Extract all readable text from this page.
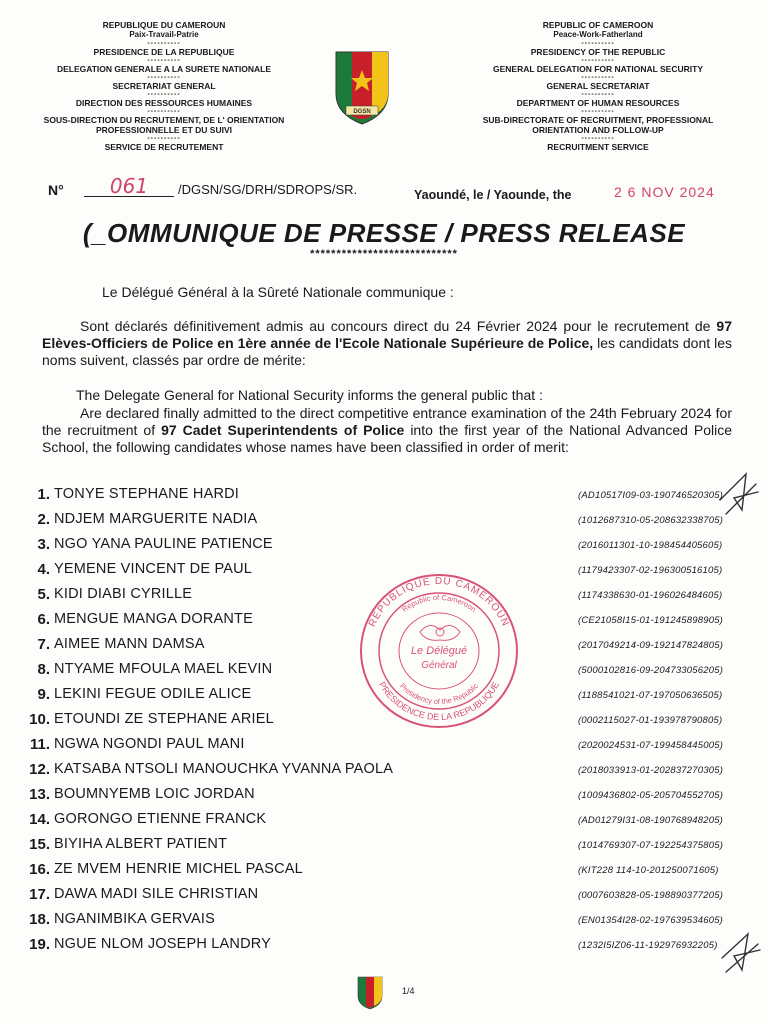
REPUBLIQUE DU CAMEROUN
Paix-Travail-Patrie
----------
PRESIDENCE DE LA REPUBLIQUE
----------
DELEGATION GENERALE A LA SURETE NATIONALE
----------
SECRETARIAT GENERAL
----------
DIRECTION DES RESSOURCES HUMAINES
----------
SOUS-DIRECTION DU RECRUTEMENT, DE L' ORIENTATION
PROFESSIONNELLE ET DU SUIVI
----------
SERVICE DE RECRUTEMENT
DGSN
REPUBLIC OF CAMEROON
Peace-Work-Fatherland
----------
PRESIDENCY OF THE REPUBLIC
----------
GENERAL DELEGATION FOR NATIONAL SECURITY
----------
GENERAL SECRETARIAT
----------
DEPARTMENT OF HUMAN RESOURCES
----------
SUB-DIRECTORATE OF RECRUITMENT, PROFESSIONAL
ORIENTATION AND FOLLOW-UP
----------
RECRUITMENT SERVICE
N°	061	/DGSN/SG/DRH/SDROPS/SR.	Yaoundé, le / Yaounde, the	2 6 NOV 2024
(_OMMUNIQUE DE PRESSE / PRESS RELEASE
****************************
Le Délégué Général à la Sûreté Nationale communique :
Sont déclarés définitivement admis au concours direct du 24 Février 2024 pour le recrutement de 97 Elèves-Officiers de Police en 1ère année de l'Ecole Nationale Supérieure de Police, les candidats dont les noms suivent, classés par ordre de mérite:
The Delegate General for National Security informs the general public that :
Are declared finally admitted to the direct competitive entrance examination of the 24th February 2024 for the recruitment of 97 Cadet Superintendents of Police into the first year of the National Advanced Police School, the following candidates whose names have been classified in order of merit:
1. TONYE STEPHANE HARDI	(AD10517I09-03-190746520305)
2. NDJEM MARGUERITE NADIA	(1012687310-05-208632338705)
3. NGO YANA PAULINE PATIENCE	(2016011301-10-198454405605)
4. YEMENE VINCENT DE PAUL	(1179423307-02-196300516105)
5. KIDI DIABI CYRILLE	(1174338630-01-196026484605)
6. MENGUE MANGA DORANTE	(CE21058I15-01-191245898905)
7. AIMEE MANN DAMSA	(2017049214-09-192147824805)
8. NTYAME MFOULA MAEL KEVIN	(5000102816-09-204733056205)
9. LEKINI FEGUE ODILE ALICE	(1188541021-07-197050636505)
10. ETOUNDI ZE STEPHANE ARIEL	(0002115027-01-193978790805)
11. NGWA NGONDI PAUL MANI	(2020024531-07-199458445005)
12. KATSABA NTSOLI MANOUCHKA YVANNA PAOLA	(2018033913-01-202837270305)
13. BOUMNYEMB LOIC JORDAN	(1009436802-05-205704552705)
14. GORONGO ETIENNE FRANCK	(AD01279I31-08-190768948205)
15. BIYIHA ALBERT PATIENT	(1014769307-07-192254375805)
16. ZE MVEM HENRIE MICHEL PASCAL	(KIT228 114-10-201250071605)
17. DAWA MADI SILE CHRISTIAN	(0007603828-05-198890377205)
18. NGANIMBIKA GERVAIS	(EN01354I28-02-197639534605)
19. NGUE NLOM JOSEPH LANDRY	(1232I5IZ06-11-192976932205)
REPUBLIQUE DU CAMEROUN
PRESIDENCE DE LA REPUBLIQUE
Republic of Cameroon
Presidency of the Republic
Le Délégué
Général
1/4
